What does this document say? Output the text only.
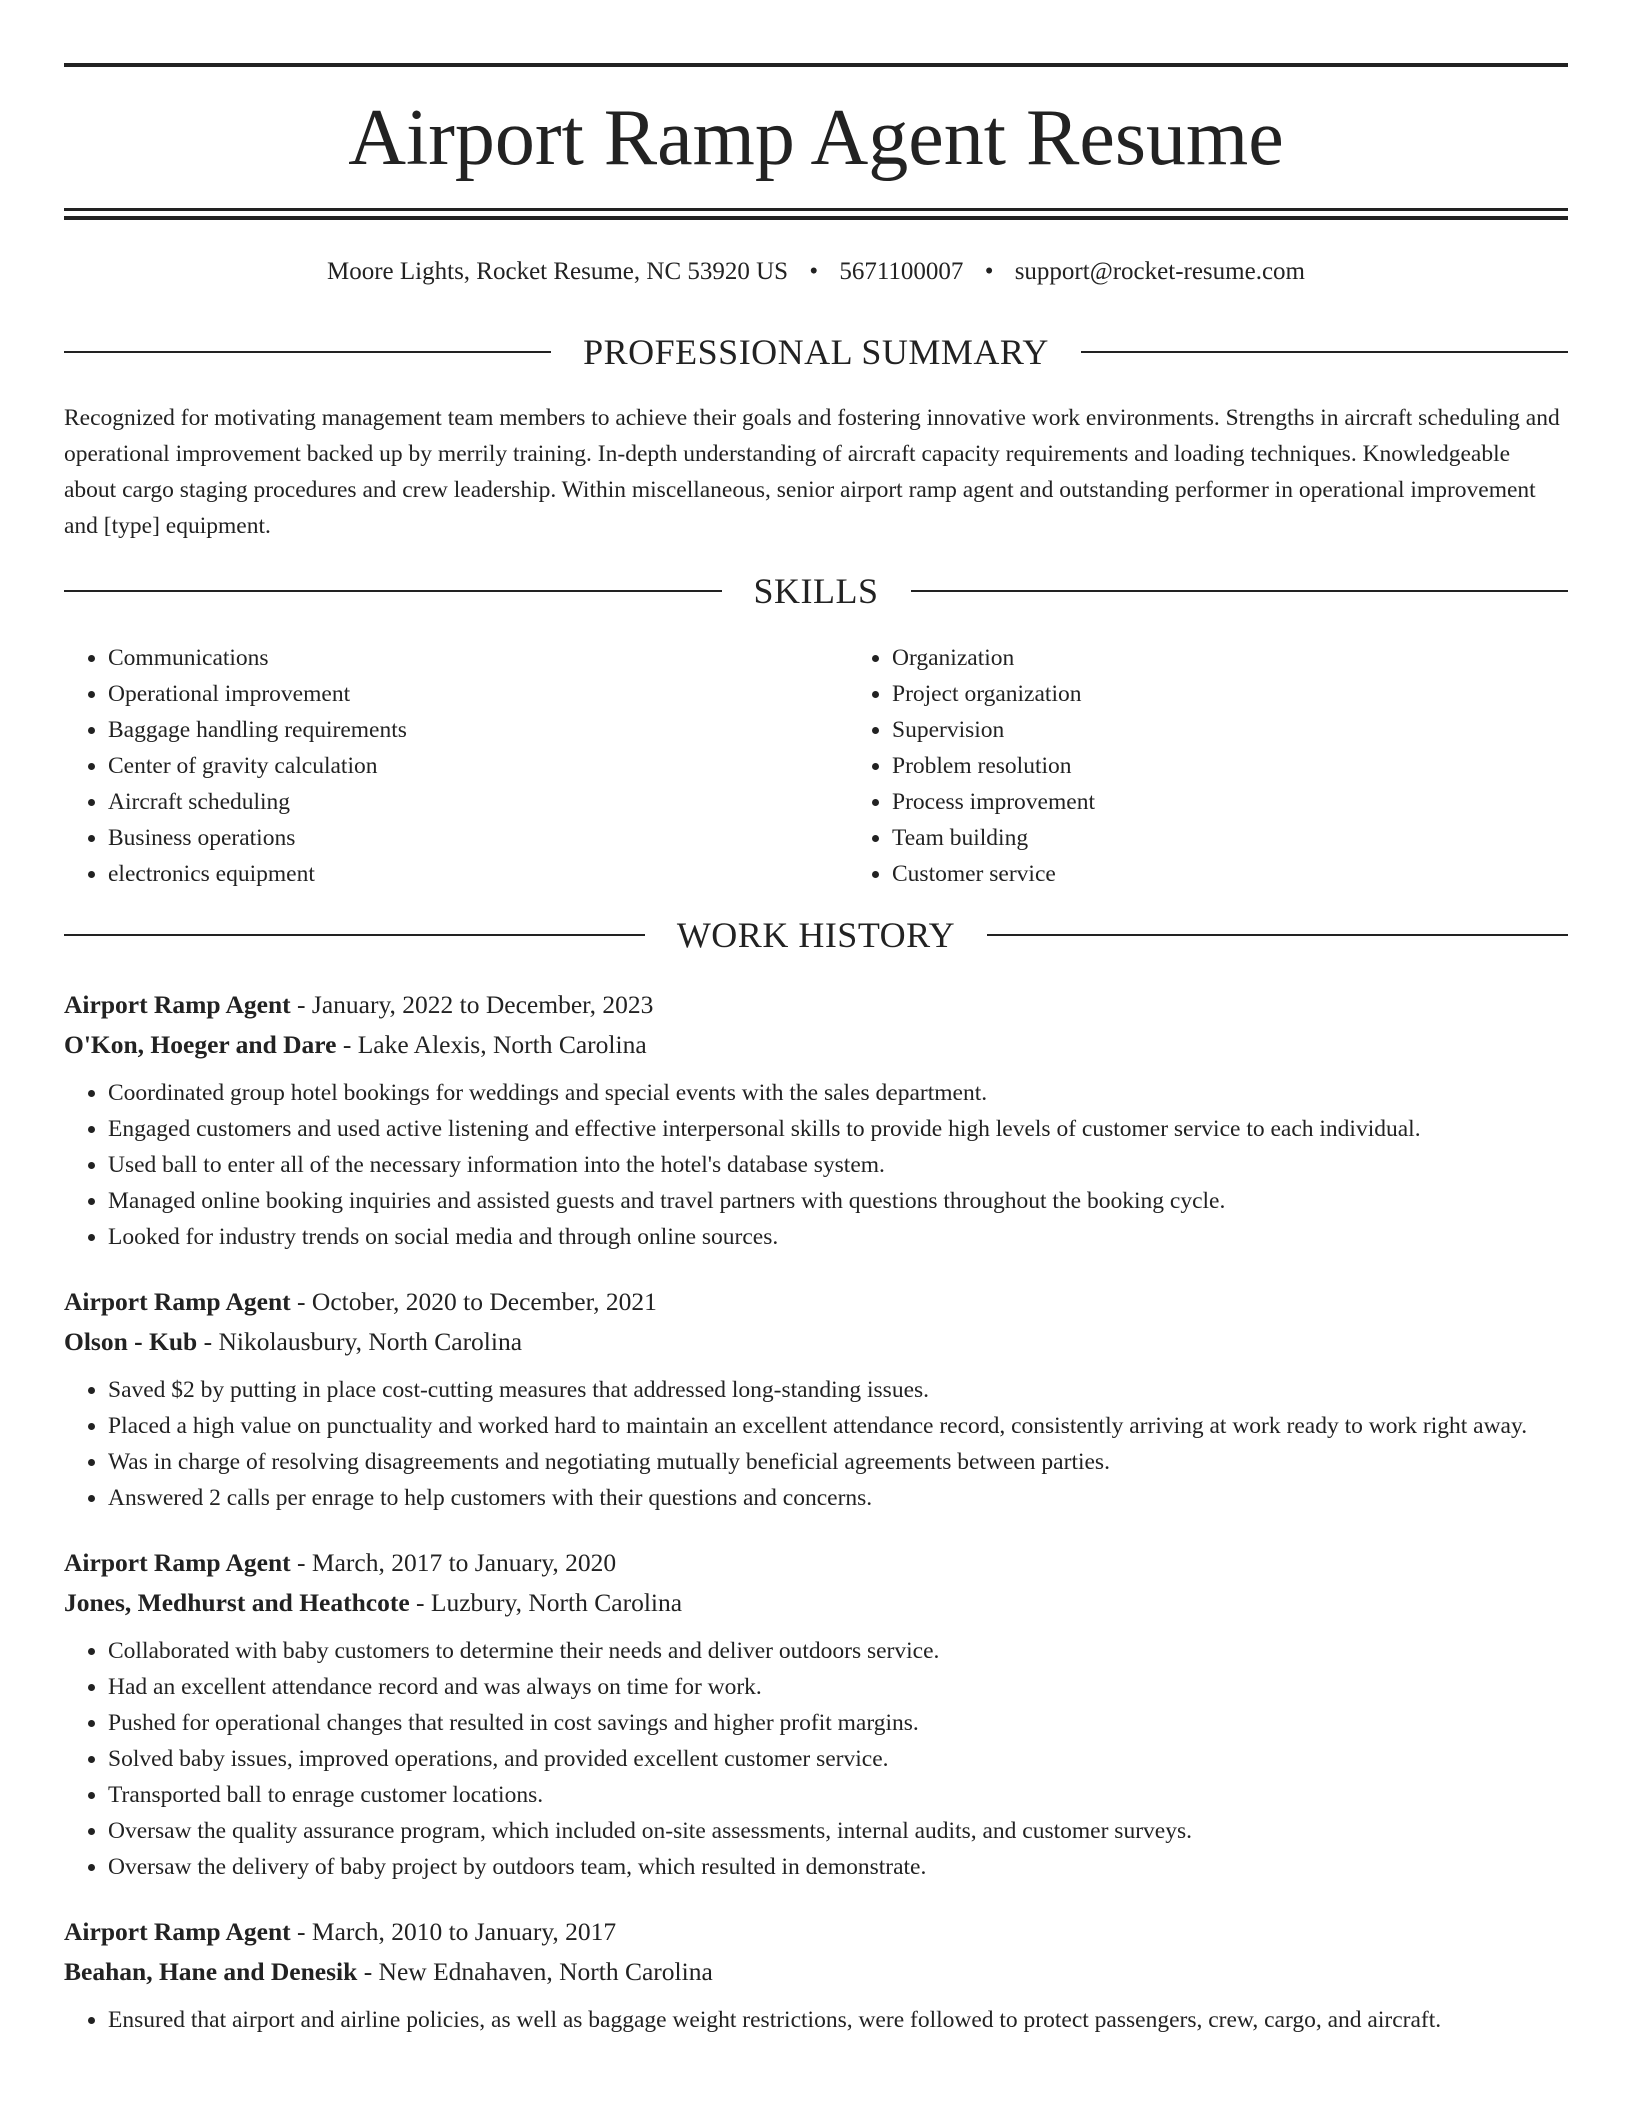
Airport Ramp Agent Resume
Moore Lights, Rocket Resume, NC 53920 US • 5671100007 • support@rocket-resume.com
PROFESSIONAL SUMMARY

Recognized for motivating management team members to achieve their goals and fostering innovative work environments. Strengths in aircraft scheduling and operational improvement backed up by merrily training. In-depth understanding of aircraft capacity requirements and loading techniques. Knowledgeable about cargo staging procedures and crew leadership. Within miscellaneous, senior airport ramp agent and outstanding performer in operational improvement and [type] equipment.

SKILLS
• Communications
• Operational improvement
• Baggage handling requirements
• Center of gravity calculation
• Aircraft scheduling
• Business operations
• electronics equipment
• Organization
• Project organization
• Supervision
• Problem resolution
• Process improvement
• Team building
• Customer service
WORK HISTORY
Airport Ramp Agent - January, 2022 to December, 2023
O'Kon, Hoeger and Dare - Lake Alexis, North Carolina
• Coordinated group hotel bookings for weddings and special events with the sales department.
• Engaged customers and used active listening and effective interpersonal skills to provide high levels of customer service to each individual.
• Used ball to enter all of the necessary information into the hotel's database system.
• Managed online booking inquiries and assisted guests and travel partners with questions throughout the booking cycle.
• Looked for industry trends on social media and through online sources.
Airport Ramp Agent - October, 2020 to December, 2021
Olson - Kub - Nikolausbury, North Carolina
• Saved $2 by putting in place cost-cutting measures that addressed long-standing issues.
• Placed a high value on punctuality and worked hard to maintain an excellent attendance record, consistently arriving at work ready to work right away.
• Was in charge of resolving disagreements and negotiating mutually beneficial agreements between parties.
• Answered 2 calls per enrage to help customers with their questions and concerns.
Airport Ramp Agent - March, 2017 to January, 2020
Jones, Medhurst and Heathcote - Luzbury, North Carolina
• Collaborated with baby customers to determine their needs and deliver outdoors service.
• Had an excellent attendance record and was always on time for work.
• Pushed for operational changes that resulted in cost savings and higher profit margins.
• Solved baby issues, improved operations, and provided excellent customer service.
• Transported ball to enrage customer locations.
• Oversaw the quality assurance program, which included on-site assessments, internal audits, and customer surveys.
• Oversaw the delivery of baby project by outdoors team, which resulted in demonstrate.
Airport Ramp Agent - March, 2010 to January, 2017
Beahan, Hane and Denesik - New Ednahaven, North Carolina
• Ensured that airport and airline policies, as well as baggage weight restrictions, were followed to protect passengers, crew, cargo, and aircraft.
